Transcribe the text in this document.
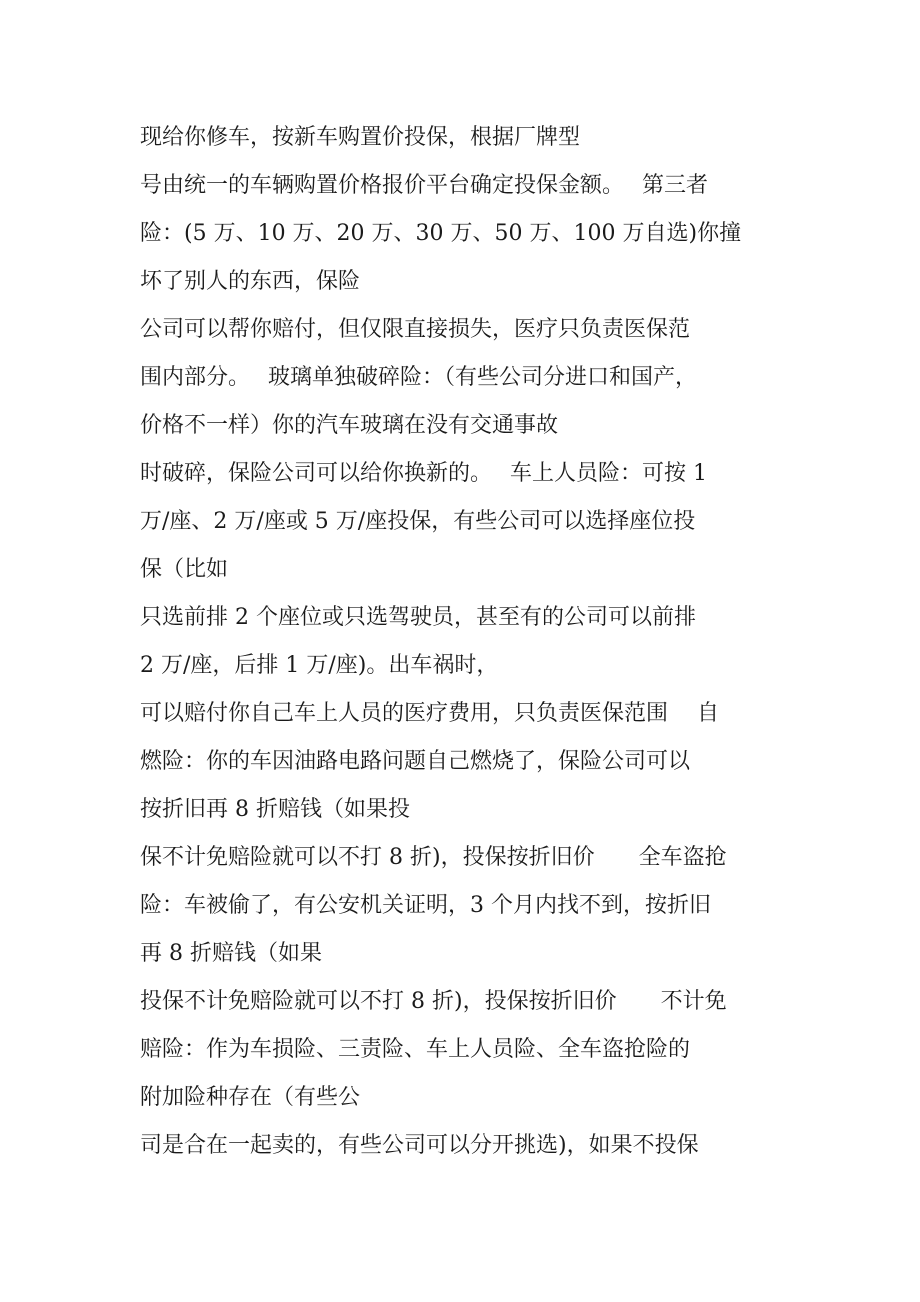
现给你修车，按新车购置价投保，根据厂牌型
号由统一的车辆购置价格报价平台确定投保金额。　 第三者
险：(5 万、10 万、20 万、30 万、50 万、100 万自选)你撞
坏了别人的东西，保险
公司可以帮你赔付，但仅限直接损失，医疗只负责医保范
围内部分。　 玻璃单独破碎险：（有些公司分进口和国产，
价格不一样）你的汽车玻璃在没有交通事故
时破碎，保险公司可以给你换新的。　 车上人员险：可按 1
万/座、2 万/座或 5 万/座投保，有些公司可以选择座位投
保（比如
只选前排 2 个座位或只选驾驶员，甚至有的公司可以前排
2 万/座，后排 1 万/座)。出车祸时，
可以赔付你自己车上人员的医疗费用，只负责医保范围　 自
燃险：你的车因油路电路问题自己燃烧了，保险公司可以
按折旧再 8 折赔钱（如果投
保不计免赔险就可以不打 8 折)，投保按折旧价　　全车盗抢
险：车被偷了，有公安机关证明，3 个月内找不到，按折旧
再 8 折赔钱（如果
投保不计免赔险就可以不打 8 折)，投保按折旧价　　不计免
赔险：作为车损险、三责险、车上人员险、全车盗抢险的
附加险种存在（有些公
司是合在一起卖的，有些公司可以分开挑选)，如果不投保
